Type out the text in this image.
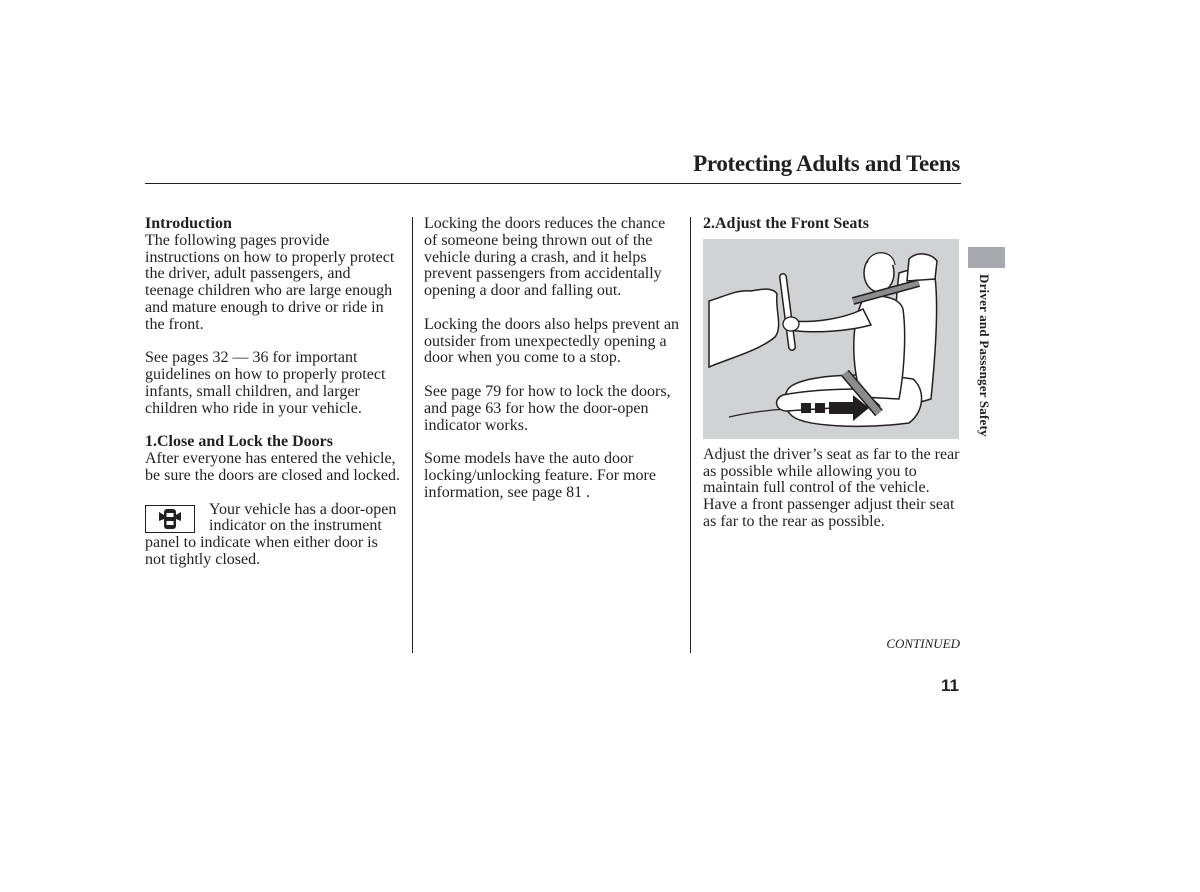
Protecting Adults and Teens

Introduction

The following pages provide instructions on how to properly protect the driver, adult passengers, and teenage children who are large enough and mature enough to drive or ride in the front.

See pages 32 — 36 for important guidelines on how to properly protect infants, small children, and larger children who ride in your vehicle.

1.Close and Lock the Doors

After everyone has entered the vehicle, be sure the doors are closed and locked.

Your vehicle has a door-open indicator on the instrument panel to indicate when either door is not tightly closed.

Locking the doors reduces the chance of someone being thrown out of the vehicle during a crash, and it helps prevent passengers from accidentally opening a door and falling out.

Locking the doors also helps prevent an outsider from unexpectedly opening a door when you come to a stop.

See page 79 for how to lock the doors, and page 63 for how the door-open indicator works.

Some models have the auto door locking/unlocking feature. For more information, see page 81 .

2.Adjust the Front Seats

Adjust the driver’s seat as far to the rear as possible while allowing you to maintain full control of the vehicle. Have a front passenger adjust their seat as far to the rear as possible.

Driver and Passenger Safety
CONTINUED
11
